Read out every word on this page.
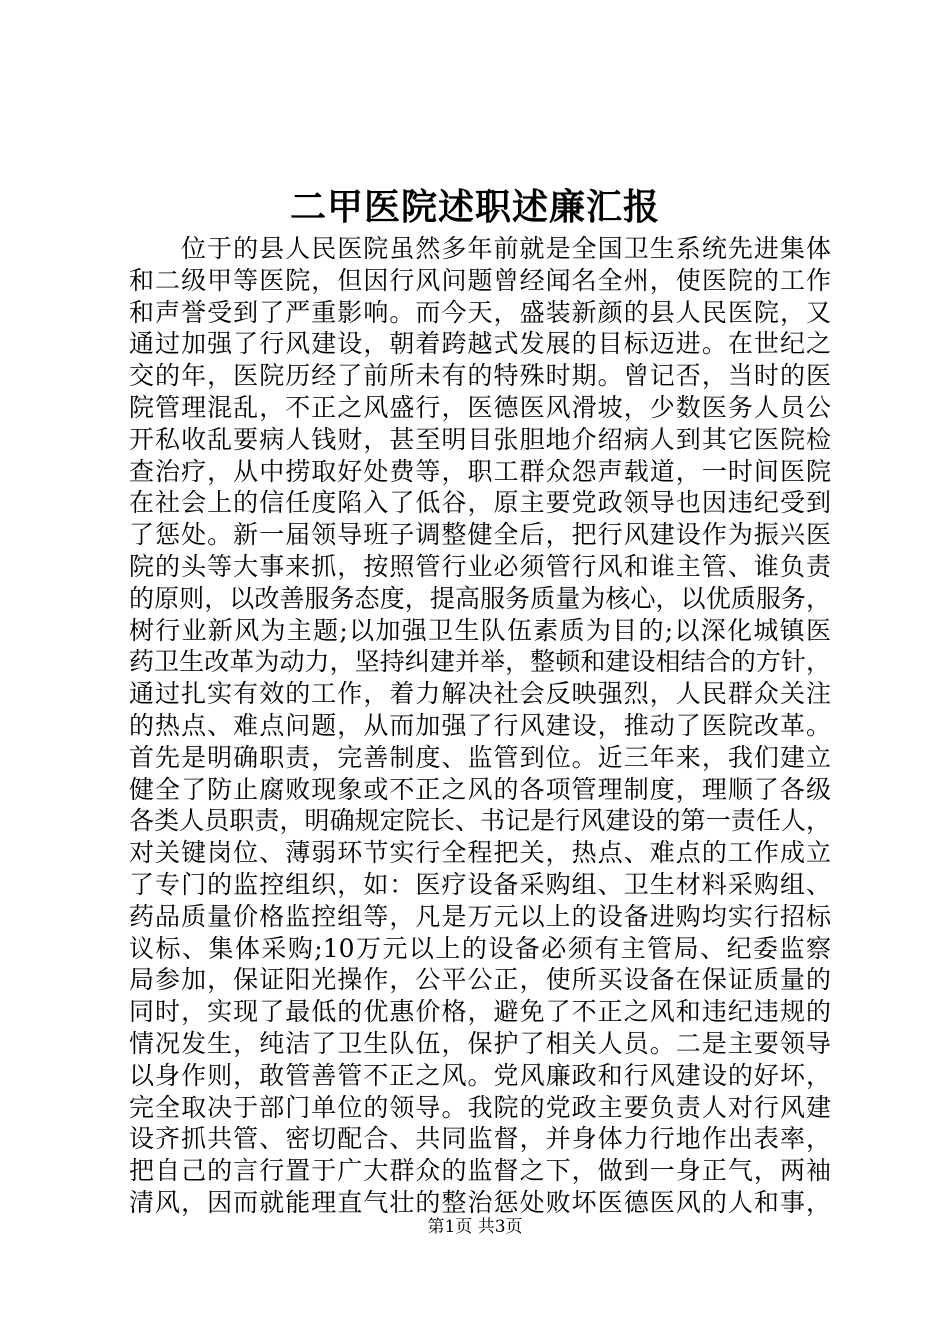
二甲医院述职述廉汇报
位于的县人民医院虽然多年前就是全国卫生系统先进集体
和二级甲等医院，但因行风问题曾经闻名全州，使医院的工作
和声誉受到了严重影响。而今天，盛装新颜的县人民医院，又
通过加强了行风建设，朝着跨越式发展的目标迈进。在世纪之
交的年，医院历经了前所未有的特殊时期。曾记否，当时的医
院管理混乱，不正之风盛行，医德医风滑坡，少数医务人员公
开私收乱要病人钱财，甚至明目张胆地介绍病人到其它医院检
查治疗，从中捞取好处费等，职工群众怨声载道，一时间医院
在社会上的信任度陷入了低谷，原主要党政领导也因违纪受到
了惩处。新一届领导班子调整健全后，把行风建设作为振兴医
院的头等大事来抓，按照管行业必须管行风和谁主管、谁负责
的原则，以改善服务态度，提高服务质量为核心，以优质服务，
树行业新风为主题;以加强卫生队伍素质为目的;以深化城镇医
药卫生改革为动力，坚持纠建并举，整顿和建设相结合的方针，
通过扎实有效的工作，着力解决社会反映强烈，人民群众关注
的热点、难点问题，从而加强了行风建设，推动了医院改革。
首先是明确职责，完善制度、监管到位。近三年来，我们建立
健全了防止腐败现象或不正之风的各项管理制度，理顺了各级
各类人员职责，明确规定院长、书记是行风建设的第一责任人，
对关键岗位、薄弱环节实行全程把关，热点、难点的工作成立
了专门的监控组织，如：医疗设备采购组、卫生材料采购组、
药品质量价格监控组等，凡是万元以上的设备进购均实行招标
议标、集体采购;10万元以上的设备必须有主管局、纪委监察
局参加，保证阳光操作，公平公正，使所买设备在保证质量的
同时，实现了最低的优惠价格，避免了不正之风和违纪违规的
情况发生，纯洁了卫生队伍，保护了相关人员。二是主要领导
以身作则，敢管善管不正之风。党风廉政和行风建设的好坏，
完全取决于部门单位的领导。我院的党政主要负责人对行风建
设齐抓共管、密切配合、共同监督，并身体力行地作出表率，
把自己的言行置于广大群众的监督之下，做到一身正气，两袖
清风，因而就能理直气壮的整治惩处败坏医德医风的人和事，
第1页 共3页
